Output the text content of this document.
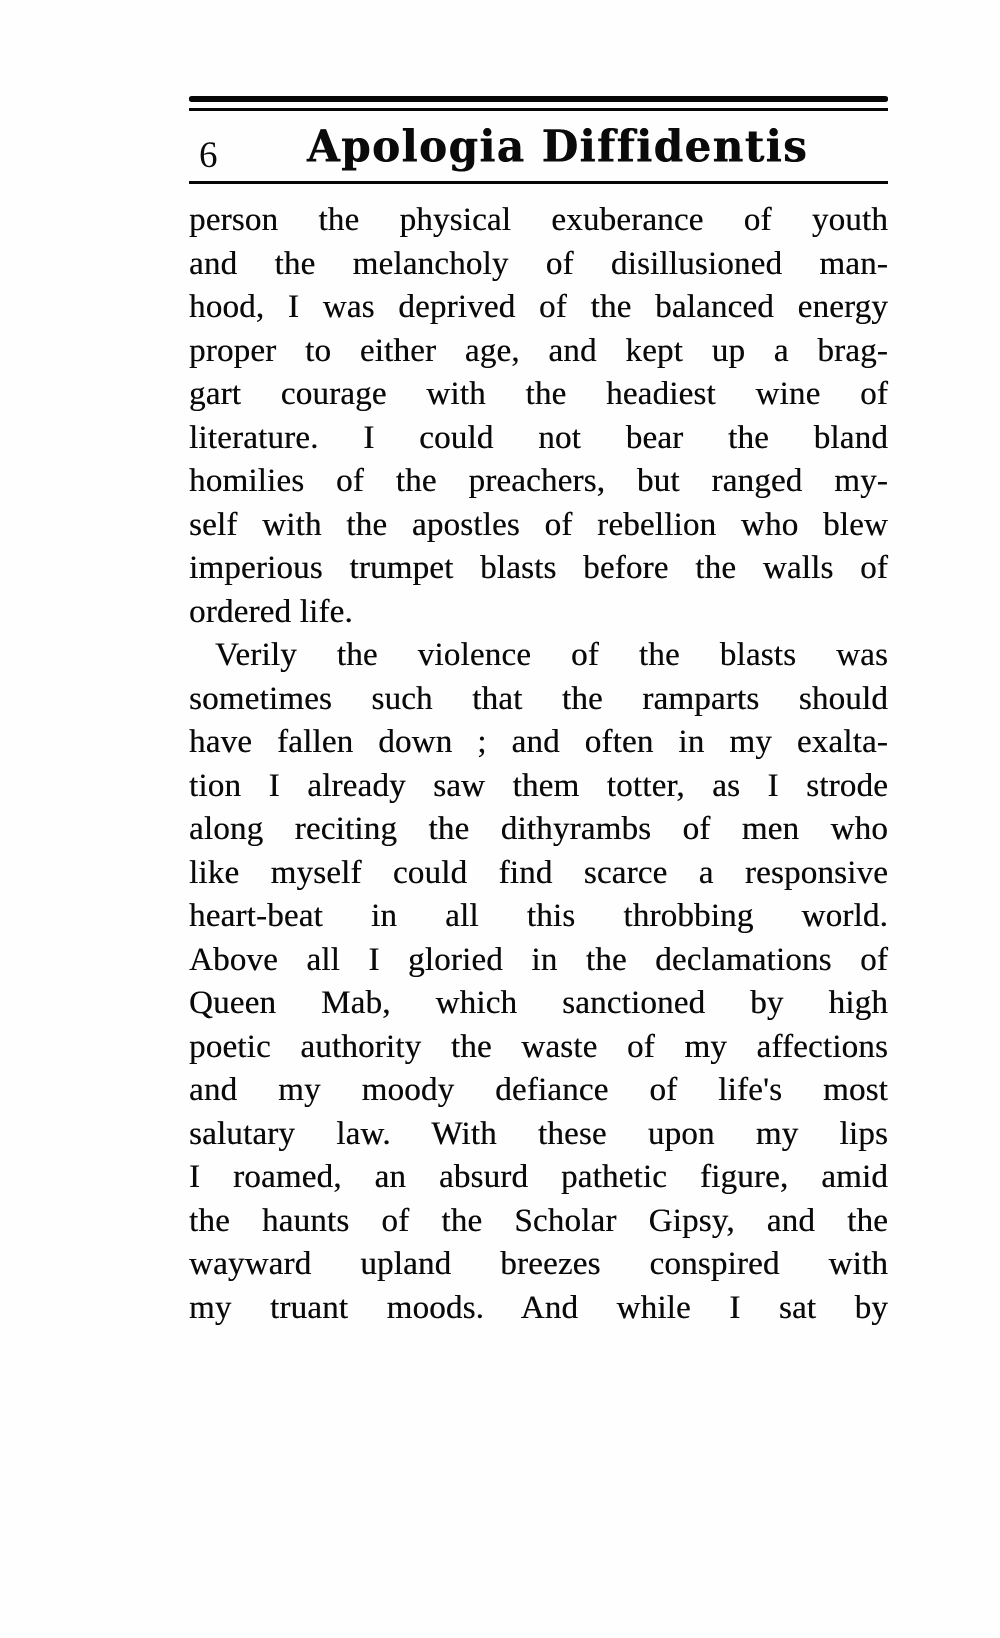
6	Apologia Diffidentis
person the physical exuberance of youth
and the melancholy of disillusioned man-
hood, I was deprived of the balanced energy
proper to either age, and kept up a brag-
gart courage with the headiest wine of
literature. I could not bear the bland
homilies of the preachers, but ranged my-
self with the apostles of rebellion who blew
imperious trumpet blasts before the walls of
ordered life.
Verily the violence of the blasts was
sometimes such that the ramparts should
have fallen down ; and often in my exalta-
tion I already saw them totter, as I strode
along reciting the dithyrambs of men who
like myself could find scarce a responsive
heart-beat in all this throbbing world.
Above all I gloried in the declamations of
Queen Mab, which sanctioned by high
poetic authority the waste of my affections
and my moody defiance of life's most
salutary law. With these upon my lips
I roamed, an absurd pathetic figure, amid
the haunts of the Scholar Gipsy, and the
wayward upland breezes conspired with
my truant moods. And while I sat by
